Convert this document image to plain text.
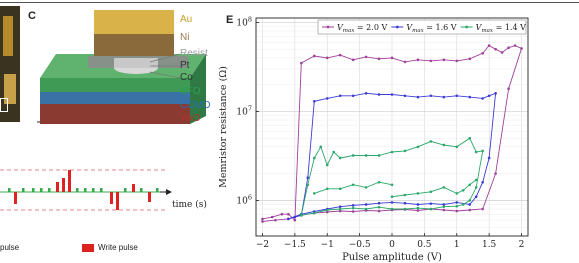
C	Au
Ni
Resist
Pt
Co
BFO
CCMO
YAO
time (s)
pulse	Write pulse
E
−2 −1.5 −1 −0.5 0 0.5 1 1.5 2
$10^6$
$10^7$
$10^8$
Pulse amplitude (V)
Memristor resistance (Ω)
$V_{max} = 2.0$ V $V_{max} = 1.6$ V $V_{max} = 1.4$ V
